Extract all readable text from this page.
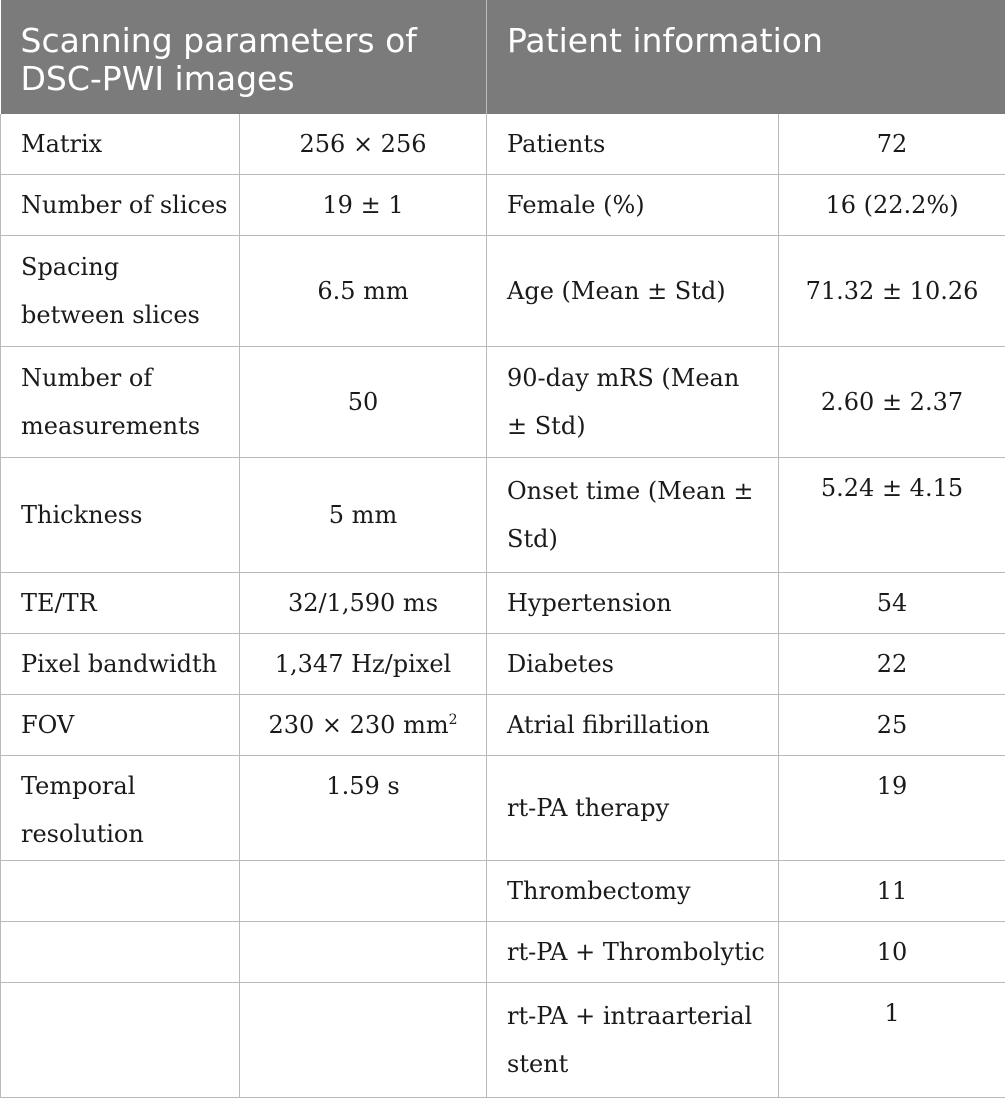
Scanning parameters of DSC-PWI images		Patient information	
Matrix	256 × 256	Patients	72
Number of slices	19 ± 1	Female (%)	16 (22.2%)
Spacing between slices	6.5 mm	Age (Mean ± Std)	71.32 ± 10.26
Number of measurements	50	90-day mRS (Mean ± Std)	2.60 ± 2.37
Thickness	5 mm	Onset time (Mean ± Std)	5.24 ± 4.15
TE/TR	32/1,590 ms	Hypertension	54
Pixel bandwidth	1,347 Hz/pixel	Diabetes	22
FOV	230 × 230 $mm^2$	Atrial fibrillation	25
Temporal resolution	1.59 s	rt-PA therapy	19
		Thrombectomy	11
		rt-PA + Thrombolytic	10
		rt-PA + intraarterial stent	1
